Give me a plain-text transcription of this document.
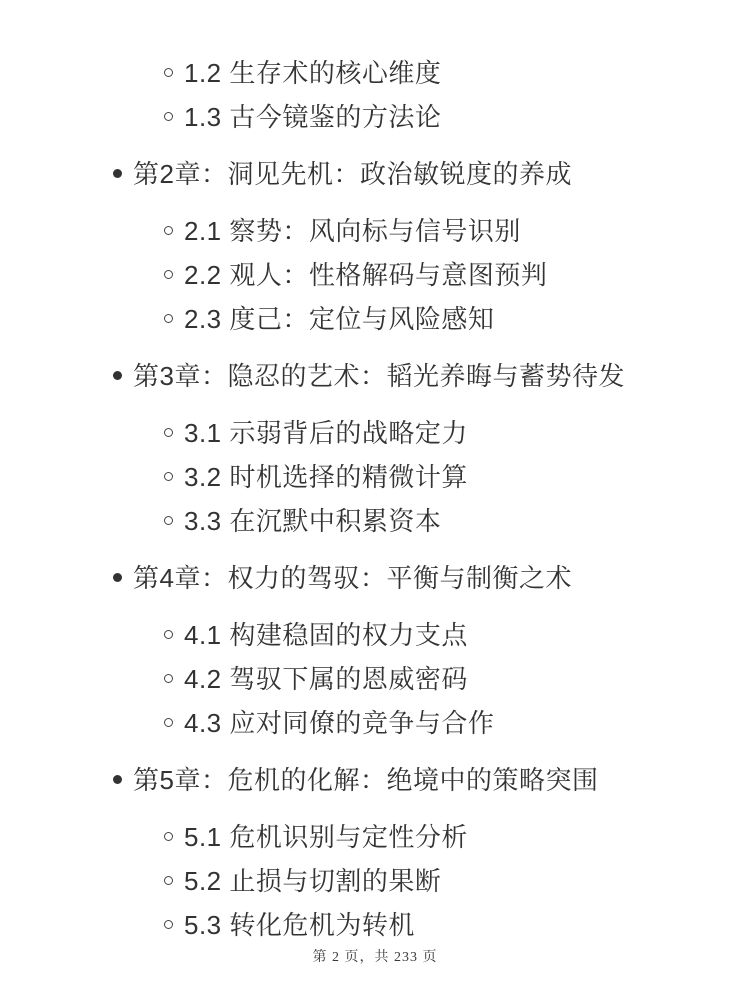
1.2 生存术的核心维度
1.3 古今镜鉴的方法论
第2章：洞见先机：政治敏锐度的养成
2.1 察势：风向标与信号识别
2.2 观人：性格解码与意图预判
2.3 度己：定位与风险感知
第3章：隐忍的艺术：韬光养晦与蓄势待发
3.1 示弱背后的战略定力
3.2 时机选择的精微计算
3.3 在沉默中积累资本
第4章：权力的驾驭：平衡与制衡之术
4.1 构建稳固的权力支点
4.2 驾驭下属的恩威密码
4.3 应对同僚的竞争与合作
第5章：危机的化解：绝境中的策略突围
5.1 危机识别与定性分析
5.2 止损与切割的果断
5.3 转化危机为转机
第 2 页，共 233 页
